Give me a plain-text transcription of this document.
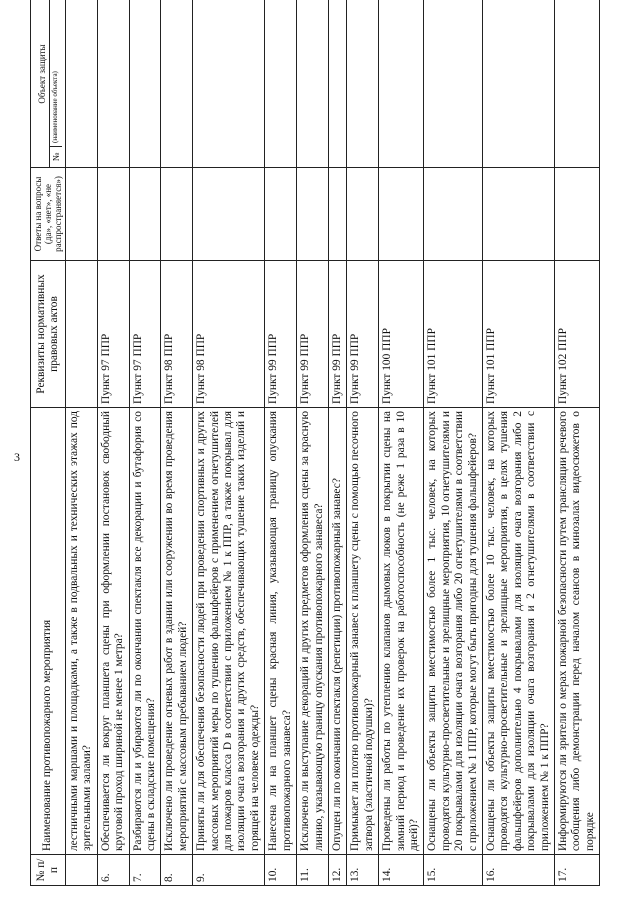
3
№ п/п	Наименование противопожарного мероприятия	Реквизиты нормативных правовых актов	Ответы на вопросы (да», «нет», «не распространяется»)	Объект защиты
№
(наименование объекта)

	лестничными маршами и площадками, а также в подвальных и технических этажах под зрительными залами?			
6.	Обеспечивается ли вокруг планшета сцены при оформлении постановок свободный круговой проход шириной не менее 1 метра?	Пункт 97 ППР		
7.	Разбираются ли и убираются ли по окончании спектакля все декорации и бутафория со сцены в складские помещения?	Пункт 97 ППР		
8.	Исключено ли проведение огневых работ в здании или сооружении во время проведения мероприятий с массовым пребыванием людей?	Пункт 98 ППР		
9.	Приняты ли для обеспечения безопасности людей при проведении спортивных и других массовых мероприятий меры по тушению фальшфейеров с применением огнетушителей для пожаров класса D в соответствии с приложением № 1 к ППР, а также покрывал для изоляции очага возгорания и других средств, обеспечивающих тушение таких изделий и горящей на человеке одежды?	Пункт 98 ППР		
10.	Нанесена ли на планшет сцены красная линия, указывающая границу опускания противопожарного занавеса?	Пункт 99 ППР		
11.	Исключено ли выступание декораций и других предметов оформления сцены за красную линию, указывающую границу опускания противопожарного занавеса?	Пункт 99 ППР		
12.	Опущен ли по окончании спектакля (репетиции) противопожарный занавес?	Пункт 99 ППР		
13.	Примыкает ли плотно противопожарный занавес к планшету сцены с помощью песочного затвора (эластичной подушки)?	Пункт 99 ППР		
14.	Проведены ли работы по утеплению клапанов дымовых люков в покрытии сцены на зимний период и проведение их проверок на работоспособность (не реже 1 раза в 10 дней)?	Пункт 100 ППР		
15.	Оснащены ли объекты защиты вместимостью более 1 тыс. человек, на которых проводятся культурно-просветительные и зрелищные мероприятия, 10 огнетушителями и 20 покрывалами для изоляции очага возгорания либо 20 огнетушителями в соответствии с приложением № 1 ППР, которые могут быть пригодны для тушения фальшфейеров?	Пункт 101 ППР		
16.	Оснащены ли объекты защиты вместимостью более 10 тыс. человек, на которых проводятся культурно-просветительные и зрелищные мероприятия, в целях тушения фальшфейеров дополнительно 4 покрывалами для изоляции очага возгорания либо 2 покрывалами для изоляции очага возгорания и 2 огнетушителями в соответствии с приложением № 1 к ППР?	Пункт 101 ППР		
17.	Информируются ли зрители о мерах пожарной безопасности путем трансляции речевого сообщения либо демонстрации перед началом сеансов в кинозалах видеосюжетов о порядке	Пункт 102 ППР		
